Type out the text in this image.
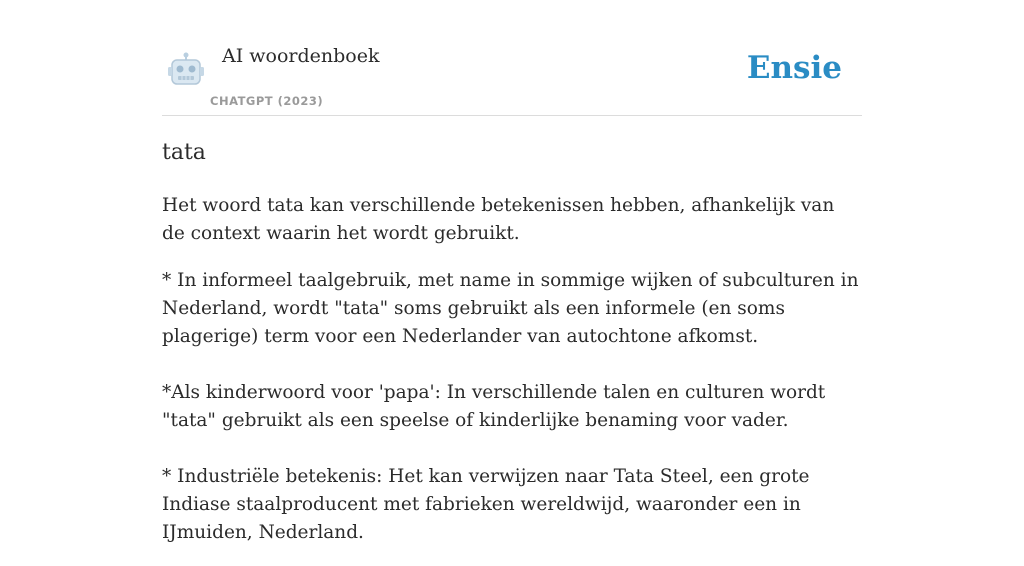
AI woordenboek
CHATGPT (2023)
Ensie
tata

Het woord tata kan verschillende betekenissen hebben, afhankelijk van de context waarin het wordt gebruikt.

* In informeel taalgebruik, met name in sommige wijken of subculturen in Nederland, wordt "tata" soms gebruikt als een informele (en soms plagerige) term voor een Nederlander van autochtone afkomst.

*Als kinderwoord voor 'papa': In verschillende talen en culturen wordt "tata" gebruikt als een speelse of kinderlijke benaming voor vader.

* Industriële betekenis: Het kan verwijzen naar Tata Steel, een grote Indiase staalproducent met fabrieken wereldwijd, waaronder een in IJmuiden, Nederland.
